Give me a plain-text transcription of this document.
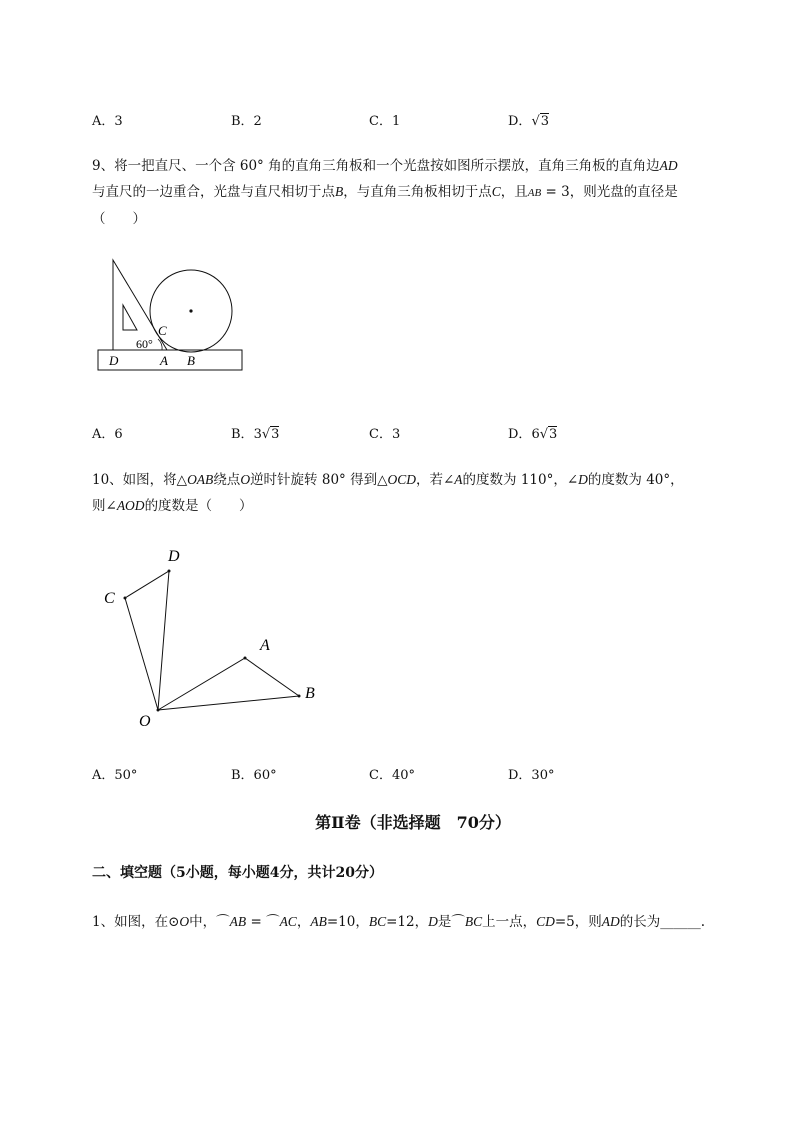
A．3	B．2	C．1	D．√3
9、将一把直尺、一个含 60° 角的直角三角板和一个光盘按如图所示摆放，直角三角板的直角边AD
与直尺的一边重合，光盘与直尺相切于点B，与直角三角板相切于点C，且AB = 3，则光盘的直径是
（　　）
C
60°
D	A B
A．6	B．3√3	C．3	D．6√3
10、如图，将△OAB绕点O逆时针旋转 80° 得到△OCD，若∠A的度数为 110°，∠D的度数为 40°，
则∠AOD的度数是（　　）
D
C
A
B
O
A．50°	B．60°	C．40°	D．30°
第Ⅱ卷（非选择题　70分）
二、填空题（5小题，每小题4分，共计20分）
1、如图，在⊙O中，⌒AB = ⌒AC，AB=10，BC=12，D是⌒BC上一点，CD=5，则AD的长为______.
